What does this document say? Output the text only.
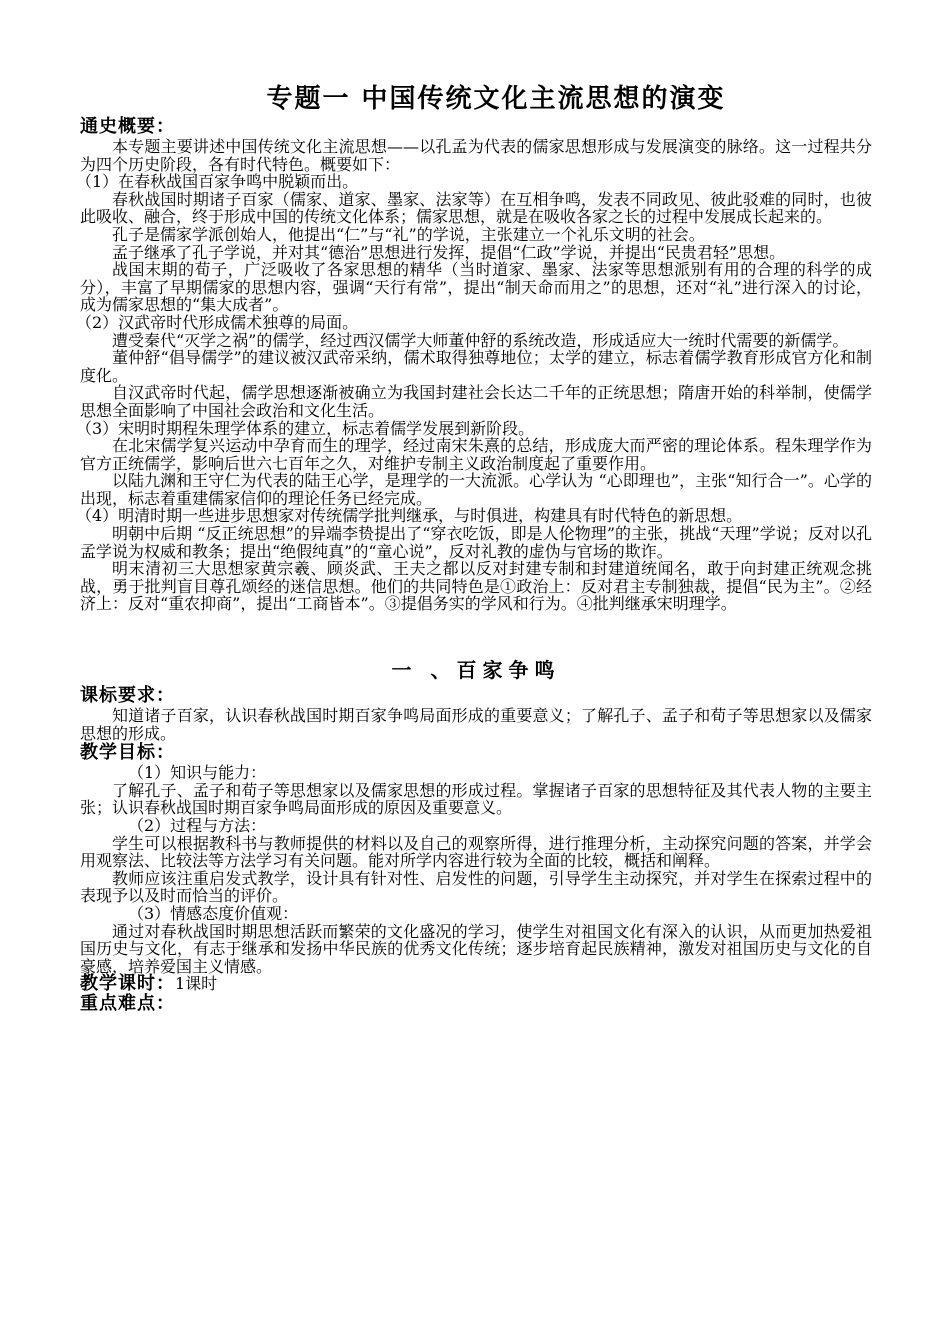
专题一 中国传统文化主流思想的演变
通史概要：

本专题主要讲述中国传统文化主流思想——以孔孟为代表的儒家思想形成与发展演变的脉络。这一过程共分为四个历史阶段，各有时代特色。概要如下：

（1）在春秋战国百家争鸣中脱颖而出。

春秋战国时期诸子百家（儒家、道家、墨家、法家等）在互相争鸣，发表不同政见、彼此驳难的同时，也彼此吸收、融合，终于形成中国的传统文化体系；儒家思想，就是在吸收各家之长的过程中发展成长起来的。

孔子是儒家学派创始人，他提出“仁”与“礼”的学说，主张建立一个礼乐文明的社会。

孟子继承了孔子学说，并对其“德治”思想进行发挥，提倡“仁政”学说，并提出“民贵君轻”思想。

战国末期的荀子，广泛吸收了各家思想的精华（当时道家、墨家、法家等思想派别有用的合理的科学的成分），丰富了早期儒家的思想内容，强调“天行有常”，提出“制天命而用之”的思想，还对“礼”进行深入的讨论，成为儒家思想的“集大成者”。

（2）汉武帝时代形成儒术独尊的局面。

遭受秦代“灭学之祸”的儒学，经过西汉儒学大师董仲舒的系统改造，形成适应大一统时代需要的新儒学。

董仲舒“倡导儒学”的建议被汉武帝采纳，儒术取得独尊地位；太学的建立，标志着儒学教育形成官方化和制度化。

自汉武帝时代起，儒学思想逐渐被确立为我国封建社会长达二千年的正统思想；隋唐开始的科举制，使儒学思想全面影响了中国社会政治和文化生活。

（3）宋明时期程朱理学体系的建立，标志着儒学发展到新阶段。

在北宋儒学复兴运动中孕育而生的理学，经过南宋朱熹的总结，形成庞大而严密的理论体系。程朱理学作为官方正统儒学，影响后世六七百年之久，对维护专制主义政治制度起了重要作用。

以陆九渊和王守仁为代表的陆王心学，是理学的一大流派。心学认为 “心即理也”，主张“知行合一”。心学的出现，标志着重建儒家信仰的理论任务已经完成。

（4）明清时期一些进步思想家对传统儒学批判继承，与时俱进，构建具有时代特色的新思想。

明朝中后期 “反正统思想”的异端李贽提出了“穿衣吃饭，即是人伦物理”的主张，挑战“天理”学说；反对以孔孟学说为权威和教条；提出“绝假纯真”的“童心说”，反对礼教的虚伪与官场的欺诈。

明末清初三大思想家黄宗羲、顾炎武、王夫之都以反对封建专制和封建道统闻名，敢于向封建正统观念挑战，勇于批判盲目尊孔颂经的迷信思想。他们的共同特色是①政治上：反对君主专制独裁，提倡“民为主”。②经济上：反对“重农抑商”，提出“工商皆本”。③提倡务实的学风和行为。④批判继承宋明理学。

一 、百家争鸣
课标要求：

知道诸子百家，认识春秋战国时期百家争鸣局面形成的重要意义；了解孔子、孟子和荀子等思想家以及儒家思想的形成。

教学目标：

（1）知识与能力：

了解孔子、孟子和荀子等思想家以及儒家思想的形成过程。掌握诸子百家的思想特征及其代表人物的主要主张；认识春秋战国时期百家争鸣局面形成的原因及重要意义。

（2）过程与方法：

学生可以根据教科书与教师提供的材料以及自己的观察所得，进行推理分析，主动探究问题的答案，并学会用观察法、比较法等方法学习有关问题。能对所学内容进行较为全面的比较，概括和阐释。

教师应该注重启发式教学，设计具有针对性、启发性的问题，引导学生主动探究，并对学生在探索过程中的表现予以及时而恰当的评价。

（3）情感态度价值观：

通过对春秋战国时期思想活跃而繁荣的文化盛况的学习，使学生对祖国文化有深入的认识，从而更加热爱祖国历史与文化，有志于继承和发扬中华民族的优秀文化传统；逐步培育起民族精神，激发对祖国历史与文化的自豪感，培养爱国主义情感。

教学课时：1课时
重点难点：
